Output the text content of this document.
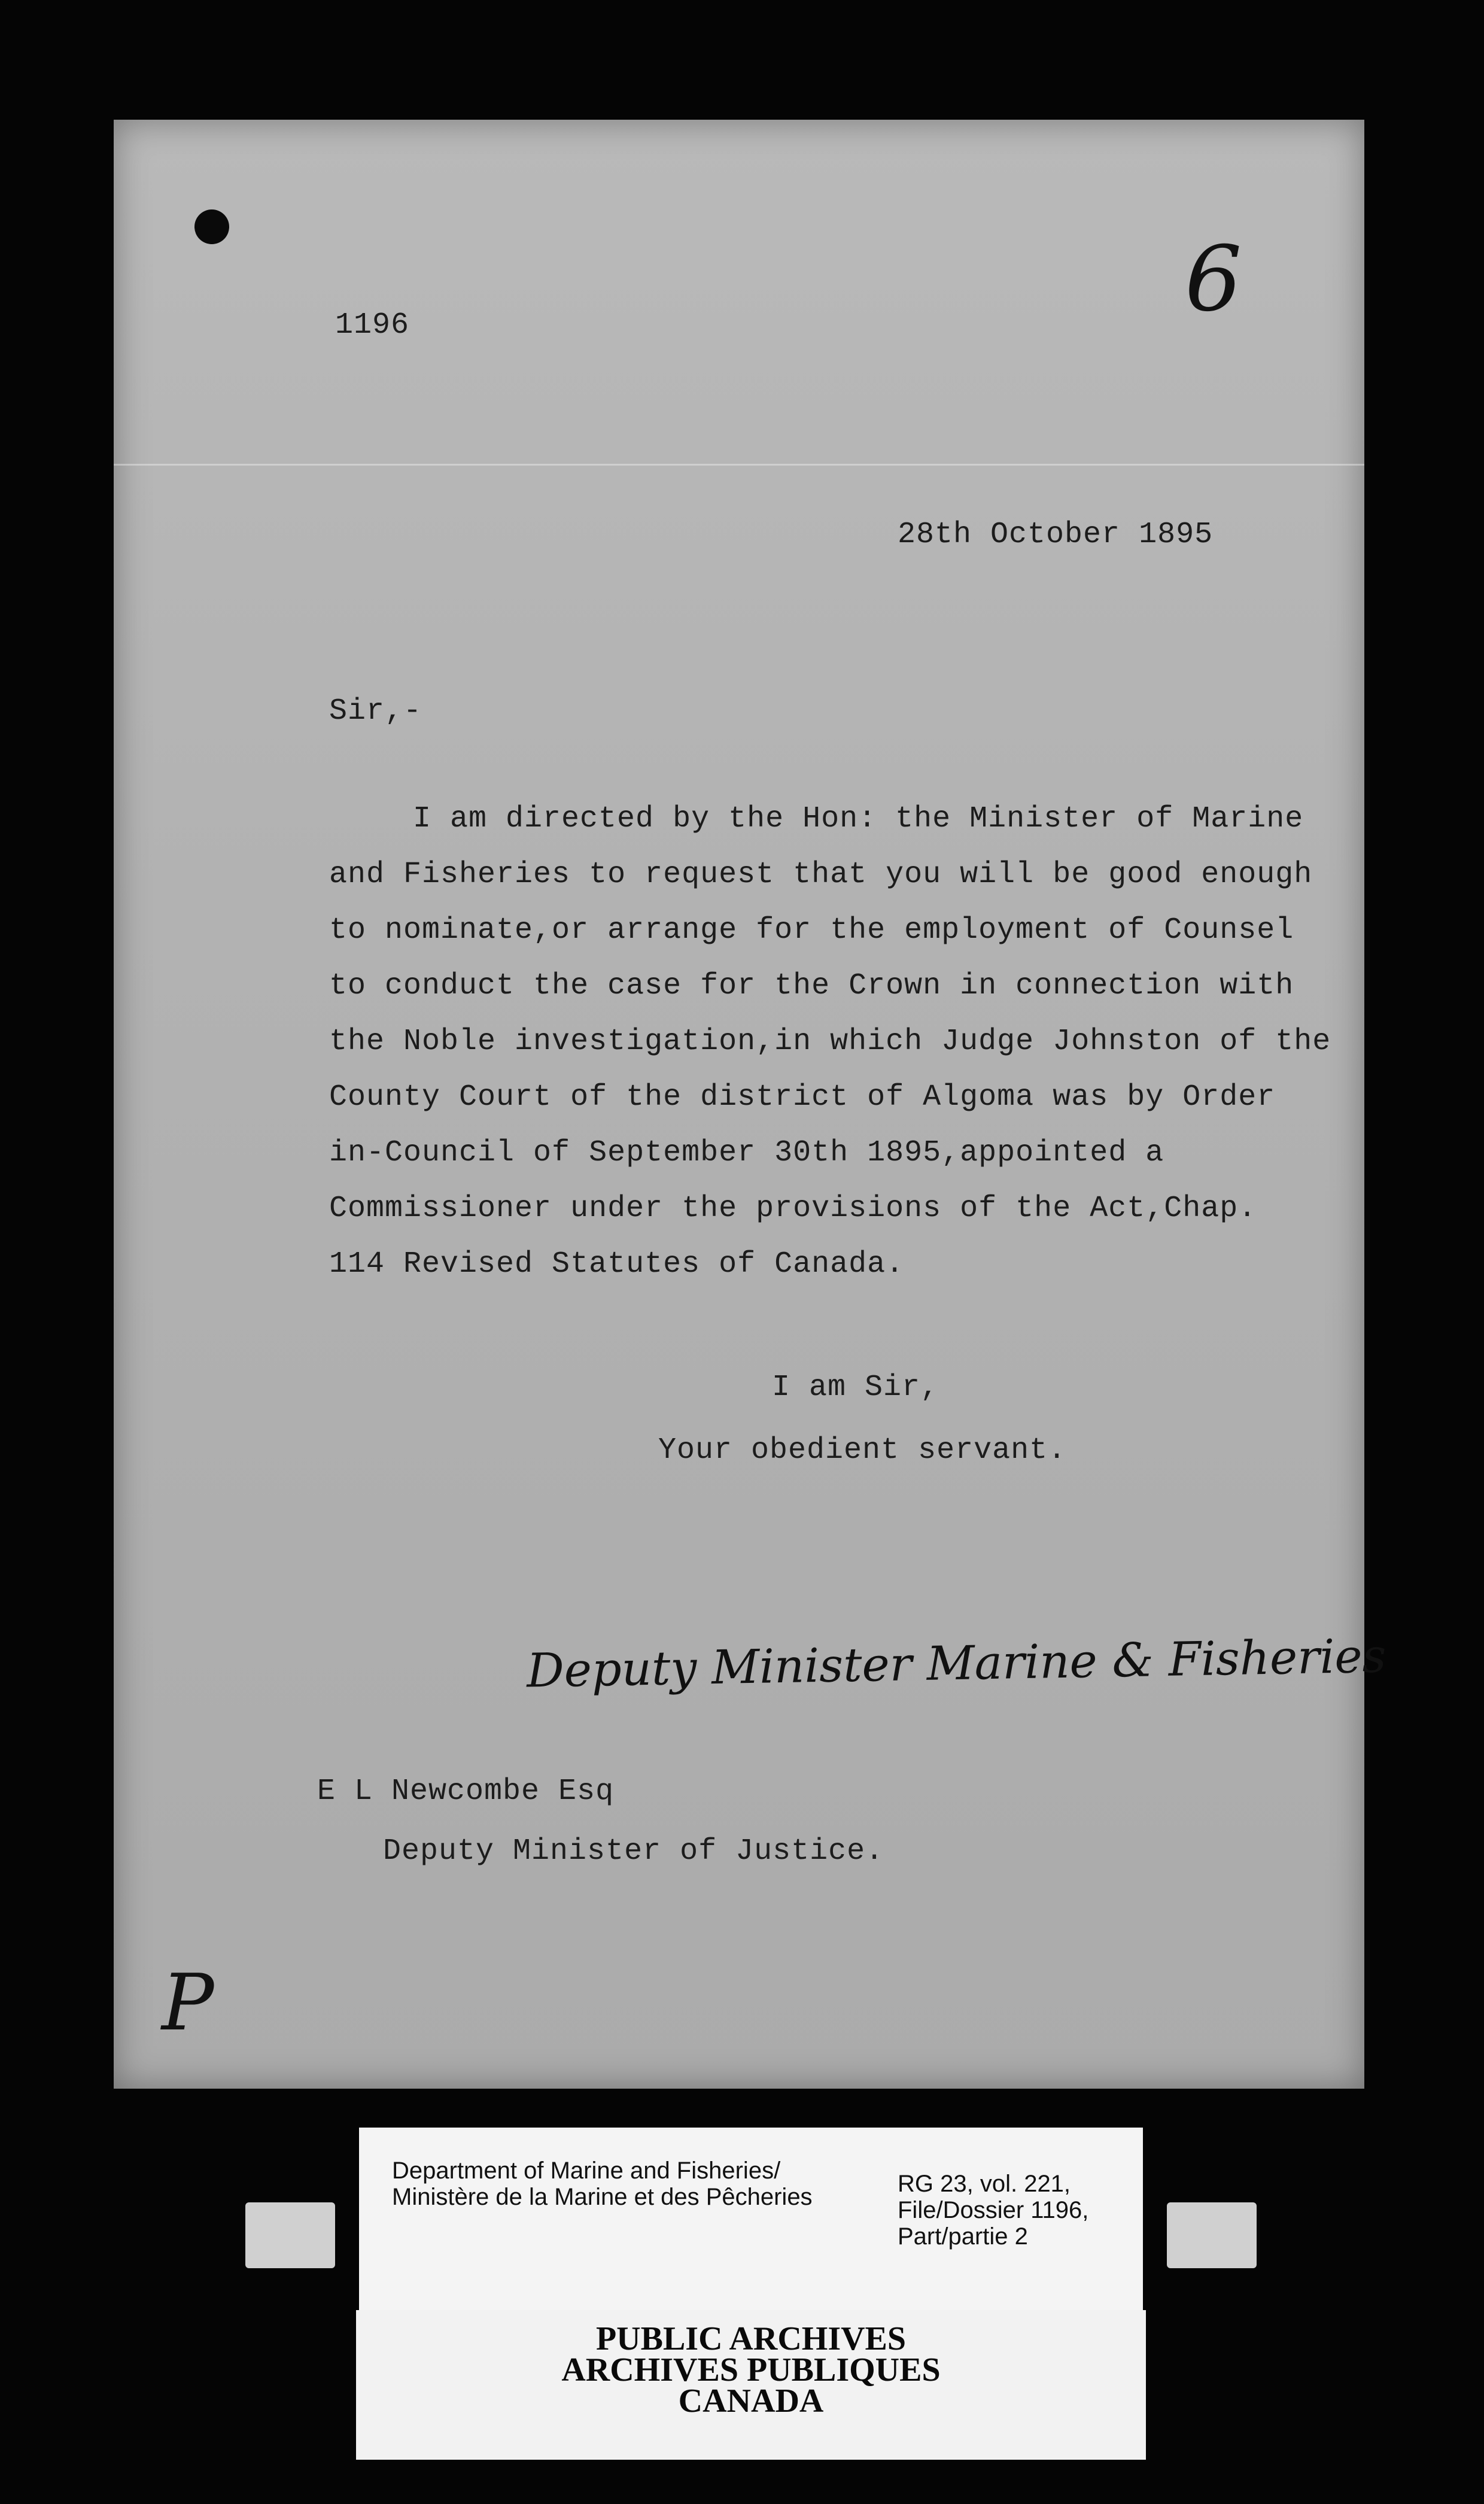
1196	6
28th October 1895
Sir,-
I am directed by the Hon: the Minister of Marine
and Fisheries to request that you will be good enough
to nominate,or arrange for the employment of Counsel
to conduct the case for the Crown in connection with
the Noble investigation,in which Judge Johnston of the
County Court of the district of Algoma was by Order
in-Council of September 30th 1895,appointed a
Commissioner under the provisions of the Act,Chap.
114 Revised Statutes of Canada.
I am Sir,
Your obedient servant.
Deputy Minister Marine & Fisheries
E L Newcombe Esq
Deputy Minister of Justice.
P
Department of Marine and Fisheries/
Ministère de la Marine et des Pêcheries	RG 23, vol. 221,
File/Dossier 1196,
Part/partie 2
PUBLIC ARCHIVES
ARCHIVES PUBLIQUES
CANADA
